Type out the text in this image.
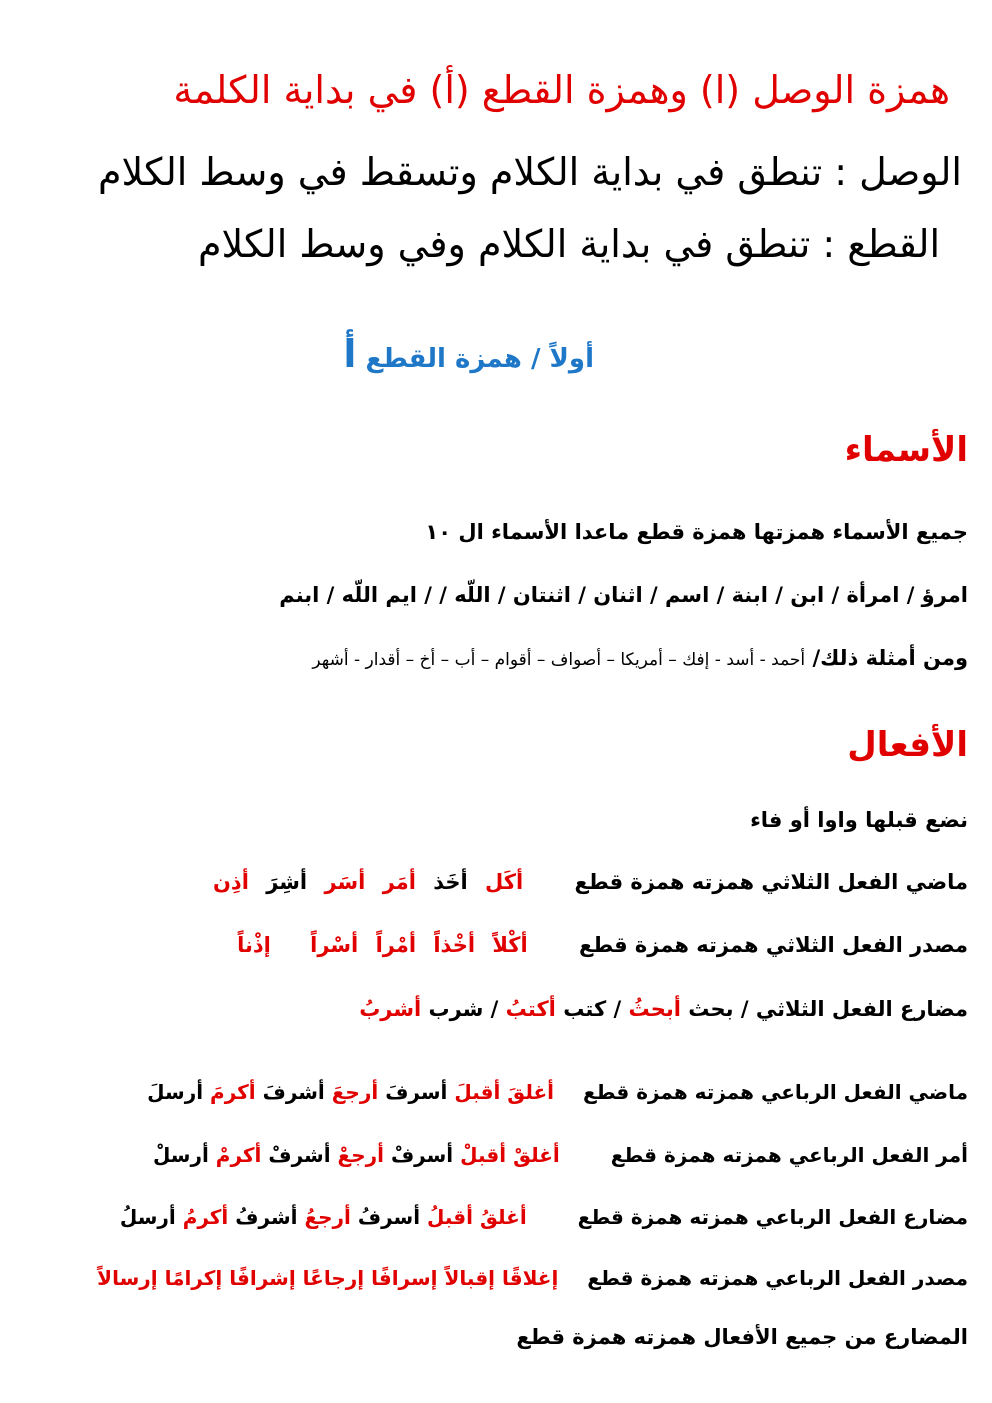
همزة الوصل (ا) وهمزة القطع (أ) في بداية الكلمة
الوصل : تنطق في بداية الكلام وتسقط في وسط الكلام
القطع : تنطق في بداية الكلام وفي وسط الكلام
أولاً / همزة القطع أ
الأسماء
جميع الأسماء همزتها همزة قطع ماعدا الأسماء ال ١٠
امرؤ / امرأة / ابن / ابنة / اسم / اثنان / اثنتان / اللّه / / ايم اللّه / ابنم
ومن أمثلة ذلك/ أحمد - أسد - إفك – أمريكا – أصواف – أقوام – أب – أخ – أقدار - أشهر
الأفعال
نضع قبلها واوا أو فاء
ماضي الفعل الثلاثي همزته همزة قطع أكَل أخَذ أمَر أسَر أشِرَ أذِن
مصدر الفعل الثلاثي همزته همزة قطع أكْلاً أخْذاً أمْراً أسْراً إذْناً
مضارع الفعل الثلاثي / بحث أبحثُ / كتب أكتبُ / شرب أشربُ
ماضي الفعل الرباعي همزته همزة قطع أغلقَ أقبلَ أسرفَ أرجعَ أشرفَ أكرمَ أرسلَ
أمر الفعل الرباعي همزته همزة قطع أغلقْ أقبلْ أسرفْ أرجعْ أشرفْ أكرمْ أرسلْ
مضارع الفعل الرباعي همزته همزة قطع أغلقُ أقبلُ أسرفُ أرجعُ أشرفُ أكرمُ أرسلُ
مصدر الفعل الرباعي همزته همزة قطع إغلاقًا إقبالاً إسرافًا إرجاعًا إشرافًا إكرامًا إرسالاً
المضارع من جميع الأفعال همزته همزة قطع
